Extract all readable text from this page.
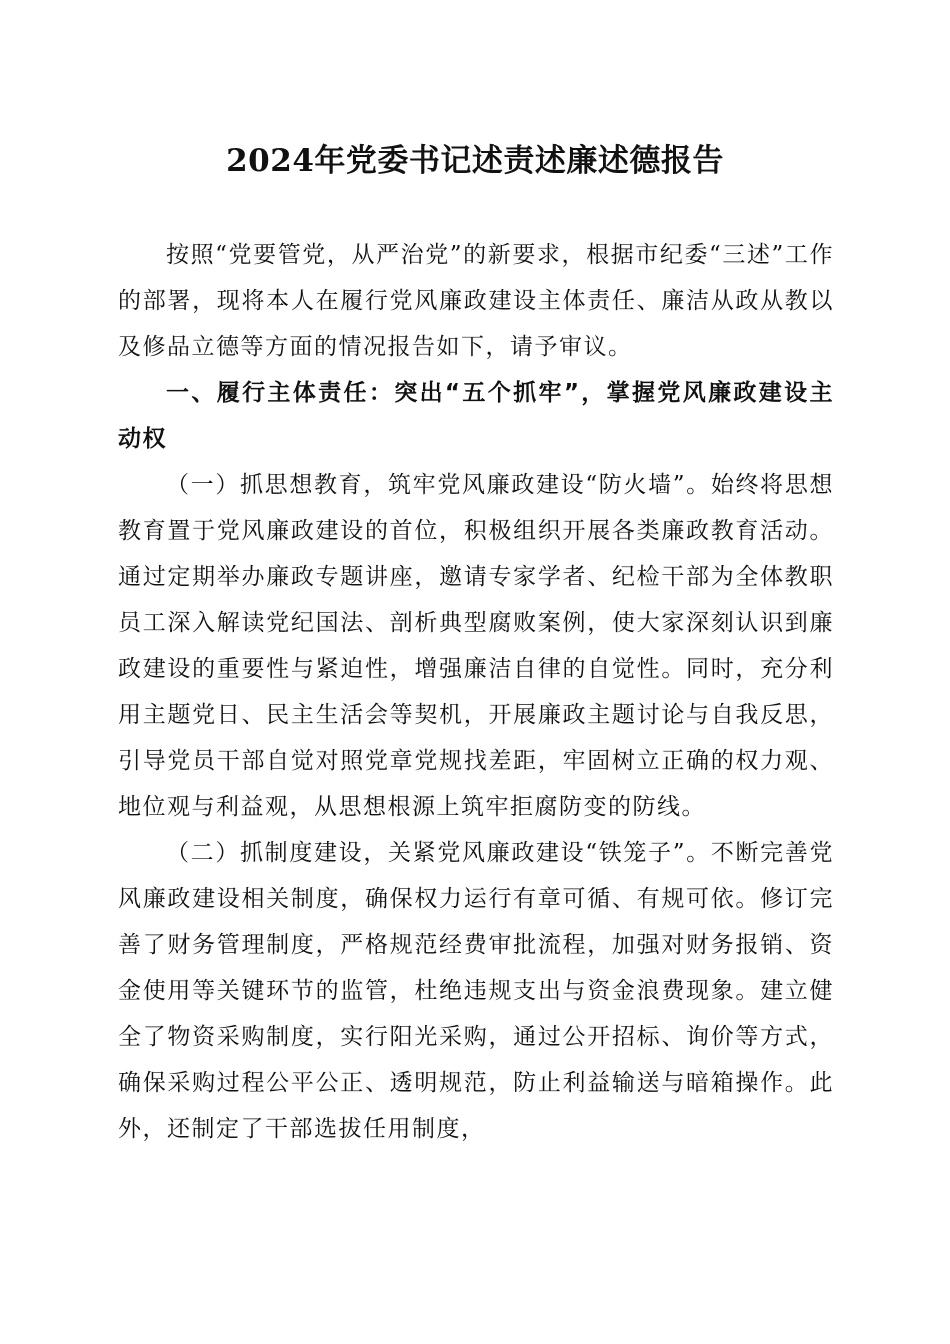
2024年党委书记述责述廉述德报告

按照“党要管党，从严治党”的新要求，根据市纪委“三述”工作的部署，现将本人在履行党风廉政建设主体责任、廉洁从政从教以及修品立德等方面的情况报告如下，请予审议。

一、履行主体责任：突出“五个抓牢”，掌握党风廉政建设主动权

（一）抓思想教育，筑牢党风廉政建设“防火墙”。始终将思想教育置于党风廉政建设的首位，积极组织开展各类廉政教育活动。通过定期举办廉政专题讲座，邀请专家学者、纪检干部为全体教职员工深入解读党纪国法、剖析典型腐败案例，使大家深刻认识到廉政建设的重要性与紧迫性，增强廉洁自律的自觉性。同时，充分利用主题党日、民主生活会等契机，开展廉政主题讨论与自我反思，引导党员干部自觉对照党章党规找差距，牢固树立正确的权力观、地位观与利益观，从思想根源上筑牢拒腐防变的防线。

（二）抓制度建设，关紧党风廉政建设“铁笼子”。不断完善党风廉政建设相关制度，确保权力运行有章可循、有规可依。修订完善了财务管理制度，严格规范经费审批流程，加强对财务报销、资金使用等关键环节的监管，杜绝违规支出与资金浪费现象。建立健全了物资采购制度，实行阳光采购，通过公开招标、询价等方式，确保采购过程公平公正、透明规范，防止利益输送与暗箱操作。此外，还制定了干部选拔任用制度，
